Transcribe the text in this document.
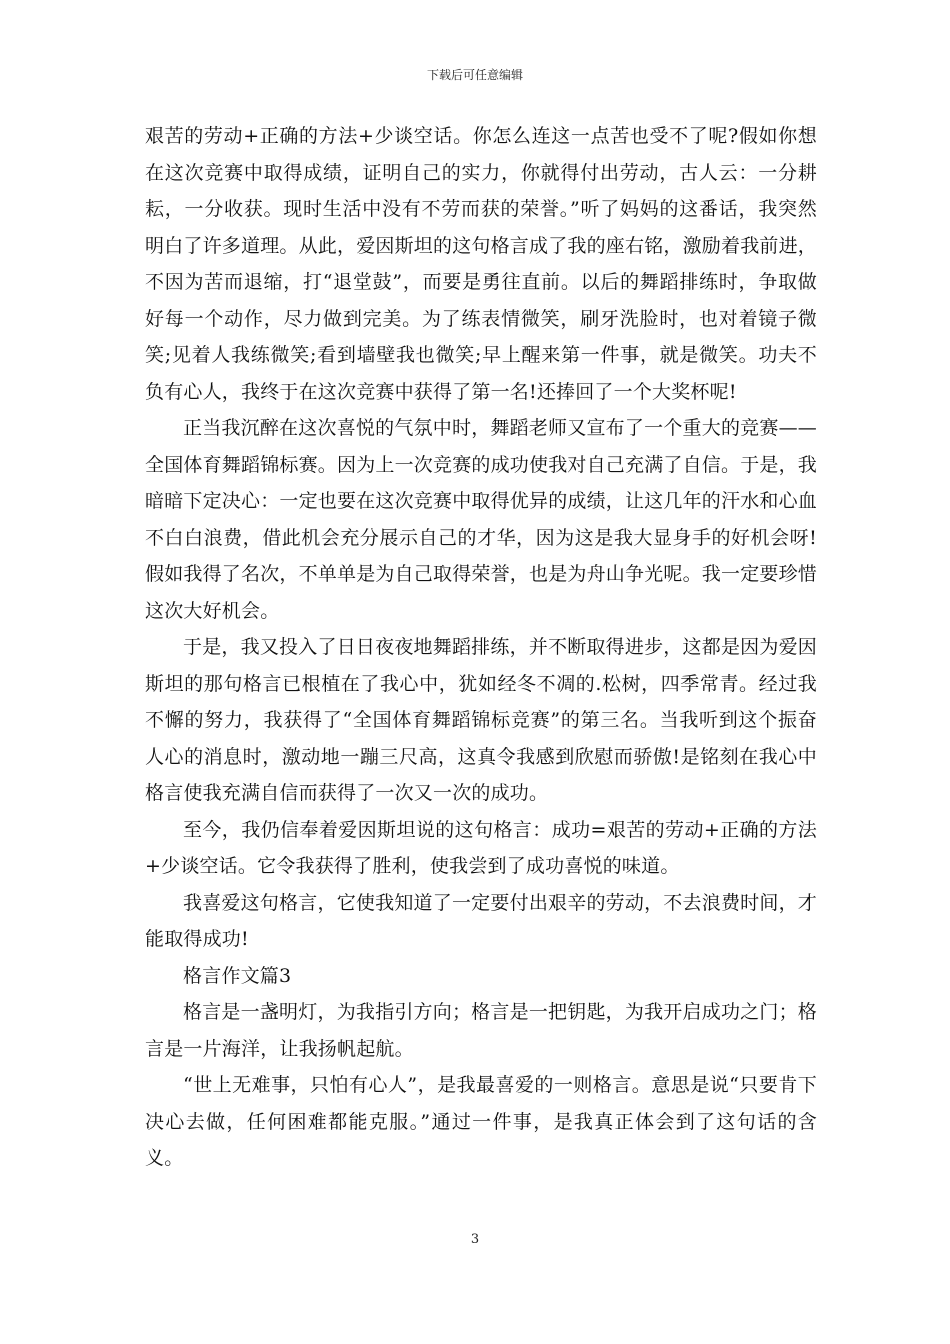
下载后可任意编辑

艰苦的劳动+正确的方法+少谈空话。你怎么连这一点苦也受不了呢?假如你想在这次竞赛中取得成绩，证明自己的实力，你就得付出劳动，古人云：一分耕耘，一分收获。现时生活中没有不劳而获的荣誉。”听了妈妈的这番话，我突然明白了许多道理。从此，爱因斯坦的这句格言成了我的座右铭，激励着我前进，不因为苦而退缩，打“退堂鼓”，而要是勇往直前。以后的舞蹈排练时，争取做好每一个动作，尽力做到完美。为了练表情微笑，刷牙洗脸时，也对着镜子微笑;见着人我练微笑;看到墙壁我也微笑;早上醒来第一件事，就是微笑。功夫不负有心人，我终于在这次竞赛中获得了第一名!还捧回了一个大奖杯呢!

正当我沉醉在这次喜悦的气氛中时，舞蹈老师又宣布了一个重大的竞赛——全国体育舞蹈锦标赛。因为上一次竞赛的成功使我对自己充满了自信。于是，我暗暗下定决心：一定也要在这次竞赛中取得优异的成绩，让这几年的汗水和心血不白白浪费，借此机会充分展示自己的才华，因为这是我大显身手的好机会呀!假如我得了名次，不单单是为自己取得荣誉，也是为舟山争光呢。我一定要珍惜这次大好机会。

于是，我又投入了日日夜夜地舞蹈排练，并不断取得进步，这都是因为爱因斯坦的那句格言已根植在了我心中，犹如经冬不凋的.松树，四季常青。经过我不懈的努力，我获得了“全国体育舞蹈锦标竞赛”的第三名。当我听到这个振奋人心的消息时，激动地一蹦三尺高，这真令我感到欣慰而骄傲!是铭刻在我心中格言使我充满自信而获得了一次又一次的成功。

至今，我仍信奉着爱因斯坦说的这句格言：成功=艰苦的劳动+正确的方法+少谈空话。它令我获得了胜利，使我尝到了成功喜悦的味道。

我喜爱这句格言，它使我知道了一定要付出艰辛的劳动，不去浪费时间，才能取得成功!

格言作文篇3

格言是一盏明灯，为我指引方向；格言是一把钥匙，为我开启成功之门；格言是一片海洋，让我扬帆起航。

“世上无难事，只怕有心人”，是我最喜爱的一则格言。意思是说“只要肯下决心去做，任何困难都能克服。”通过一件事，是我真正体会到了这句话的含义。

3
